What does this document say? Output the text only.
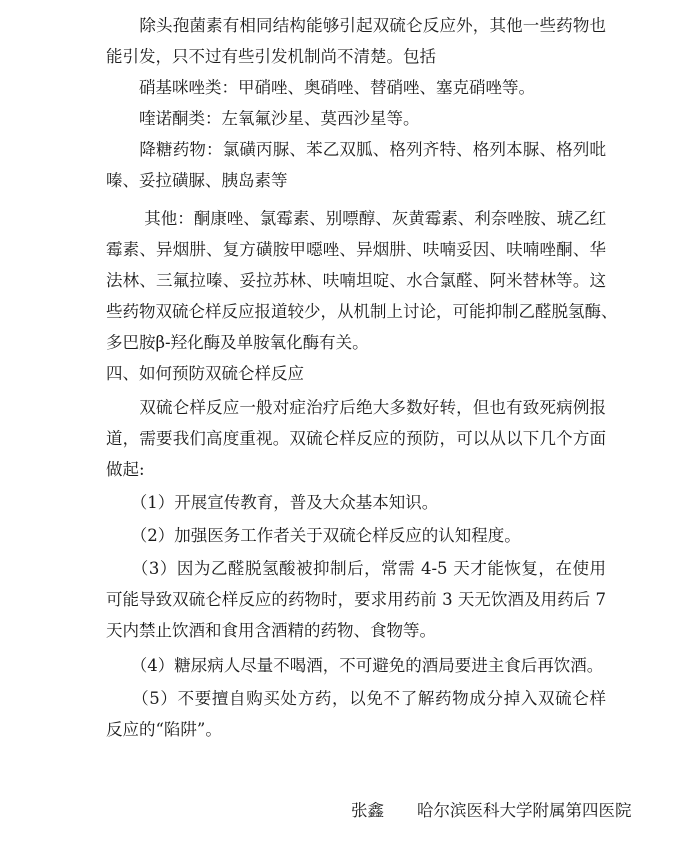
　　除头孢菌素有相同结构能够引起双硫仑反应外，其他一些药物也
能引发，只不过有些引发机制尚不清楚。包括
　　硝基咪唑类：甲硝唑、奥硝唑、替硝唑、塞克硝唑等。
　　喹诺酮类：左氧氟沙星、莫西沙星等。
　　降糖药物：氯磺丙脲、苯乙双胍、格列齐特、格列本脲、格列吡
嗪、妥拉磺脲、胰岛素等
　　 其他：酮康唑、氯霉素、别嘌醇、灰黄霉素、利奈唑胺、琥乙红
霉素、异烟肼、复方磺胺甲噁唑、异烟肼、呋喃妥因、呋喃唑酮、华
法林、三氟拉嗪、妥拉苏林、呋喃坦啶、水合氯醛、阿米替林等。这
些药物双硫仑样反应报道较少，从机制上讨论，可能抑制乙醛脱氢酶、
多巴胺β-羟化酶及单胺氧化酶有关。
四、如何预防双硫仑样反应
　　双硫仑样反应一般对症治疗后绝大多数好转，但也有致死病例报
道，需要我们高度重视。双硫仑样反应的预防，可以从以下几个方面
做起:
　　（1）开展宣传教育，普及大众基本知识。
　　（2）加强医务工作者关于双硫仑样反应的认知程度。
　　（3）因为乙醛脱氢酸被抑制后，常需 4-5 天才能恢复，在使用
可能导致双硫仑样反应的药物时，要求用药前 3 天无饮酒及用药后 7
天内禁止饮酒和食用含酒精的药物、食物等。
　　（4）糖尿病人尽量不喝酒，不可避免的酒局要进主食后再饮酒。
　　（5）不要擅自购买处方药，以免不了解药物成分掉入双硫仑样
反应的“陷阱”。

张鑫　　 哈尔滨医科大学附属第四医院
